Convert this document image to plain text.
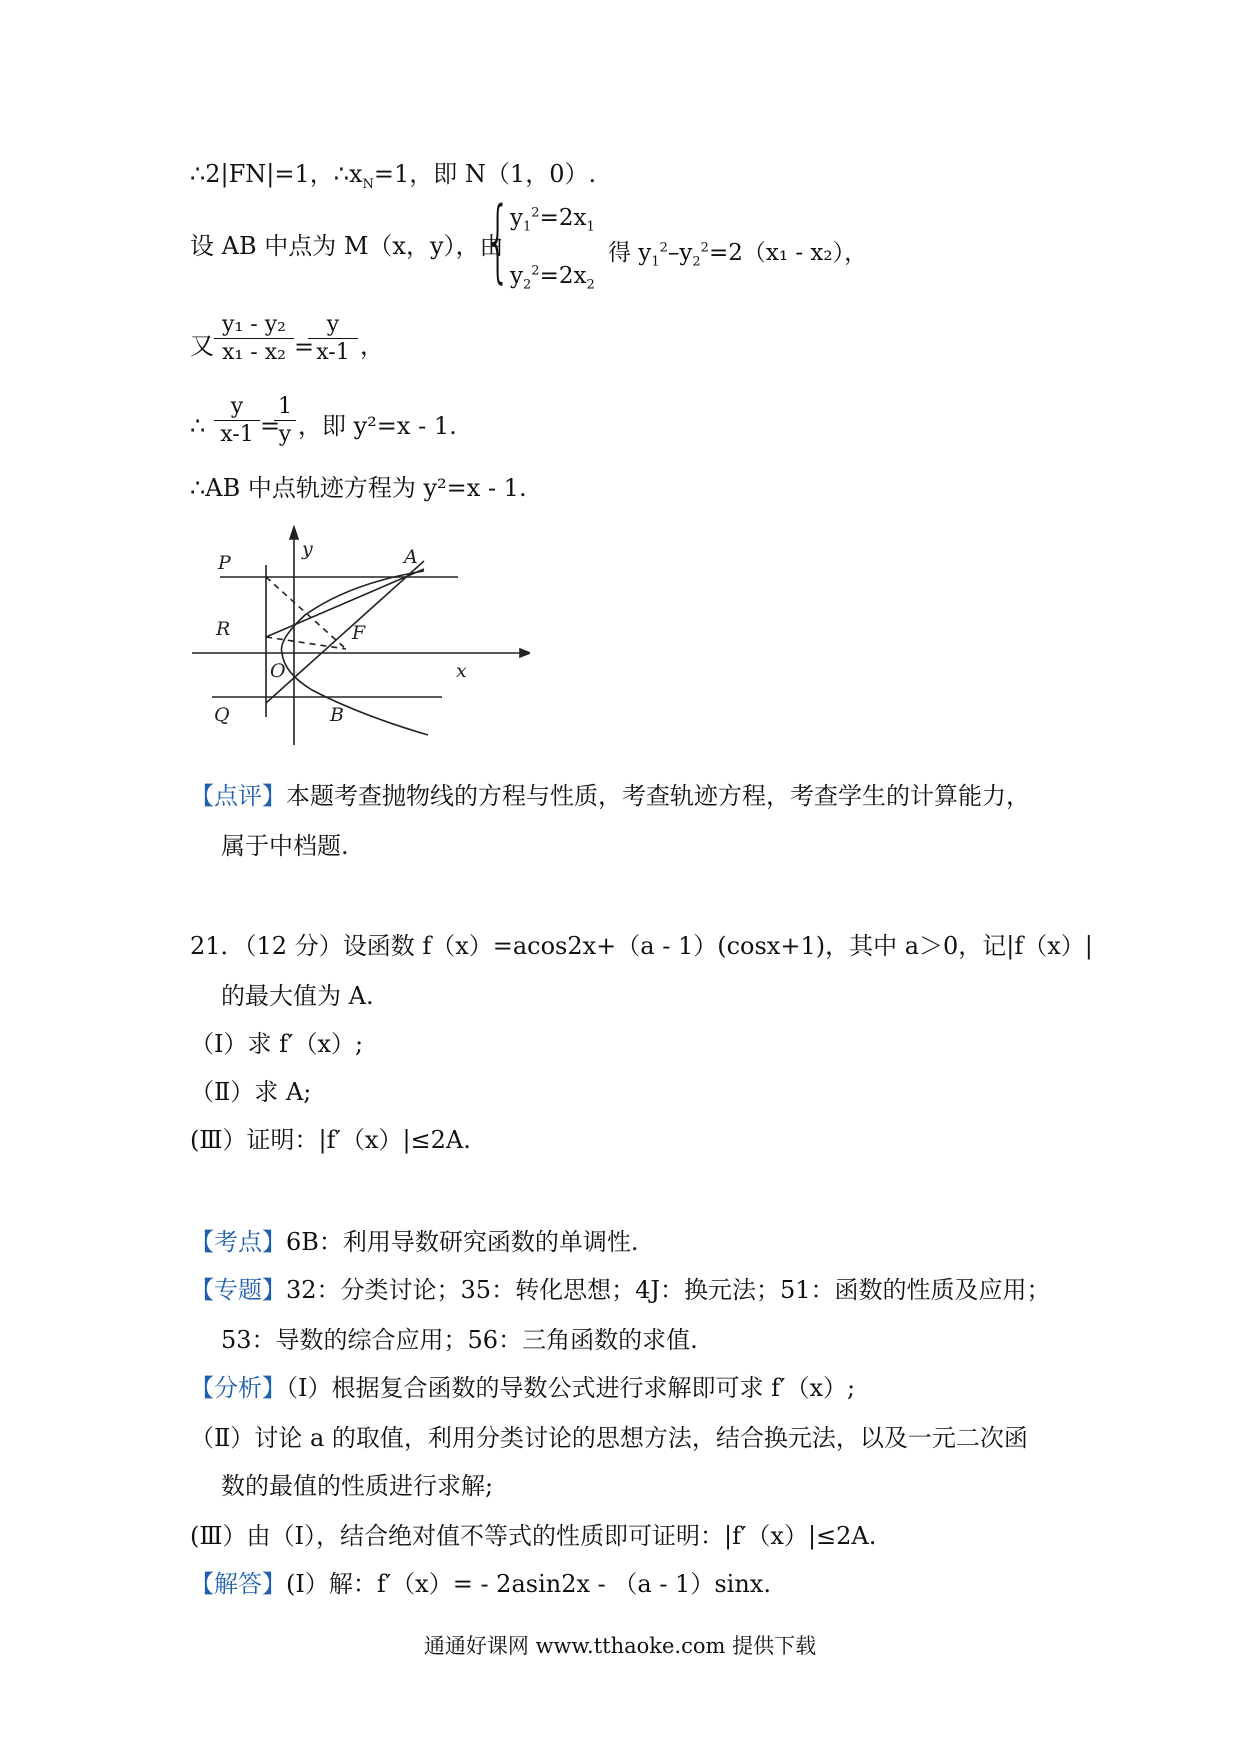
∴2|FN|=1，$\therefore x_N=1$，即 N（1，0）.
设 AB 中点为 M（x，y），由
{ $y_1^2=2x_1$
$y_2^2=2x_2$
得 $y_1^2-y_2^2=2(x_1 - x_2)$，
又
y₁ - y₂
x₁ - x₂ =
y
x-1 ，
∴
y
x-1 =
1
y ，即 y²=x - 1.
∴AB 中点轨迹方程为 y²=x - 1.
y
x
P	A
R	F
O
Q	B
【点评】本题考查抛物线的方程与性质，考查轨迹方程，考查学生的计算能力，
属于中档题.
21．（12 分）设函数 f（x）=acos2x+（a - 1）(cosx+1)，其中 a＞0，记|f（x）|
的最大值为 A.
（Ⅰ）求 f′（x）;
（Ⅱ）求 A;
(Ⅲ）证明：|f′（x）|≤2A.
【考点】6B：利用导数研究函数的单调性.
【专题】32：分类讨论；35：转化思想；4J：换元法；51：函数的性质及应用；
53：导数的综合应用；56：三角函数的求值.
【分析】（Ⅰ）根据复合函数的导数公式进行求解即可求 f′（x）;
（Ⅱ）讨论 a 的取值，利用分类讨论的思想方法，结合换元法，以及一元二次函
数的最值的性质进行求解;
(Ⅲ）由（I），结合绝对值不等式的性质即可证明：|f′（x）|≤2A.
【解答】(I）解：f′（x）= - 2asin2x - （a - 1）sinx.
通通好课网 www.tthaoke.com 提供下载
